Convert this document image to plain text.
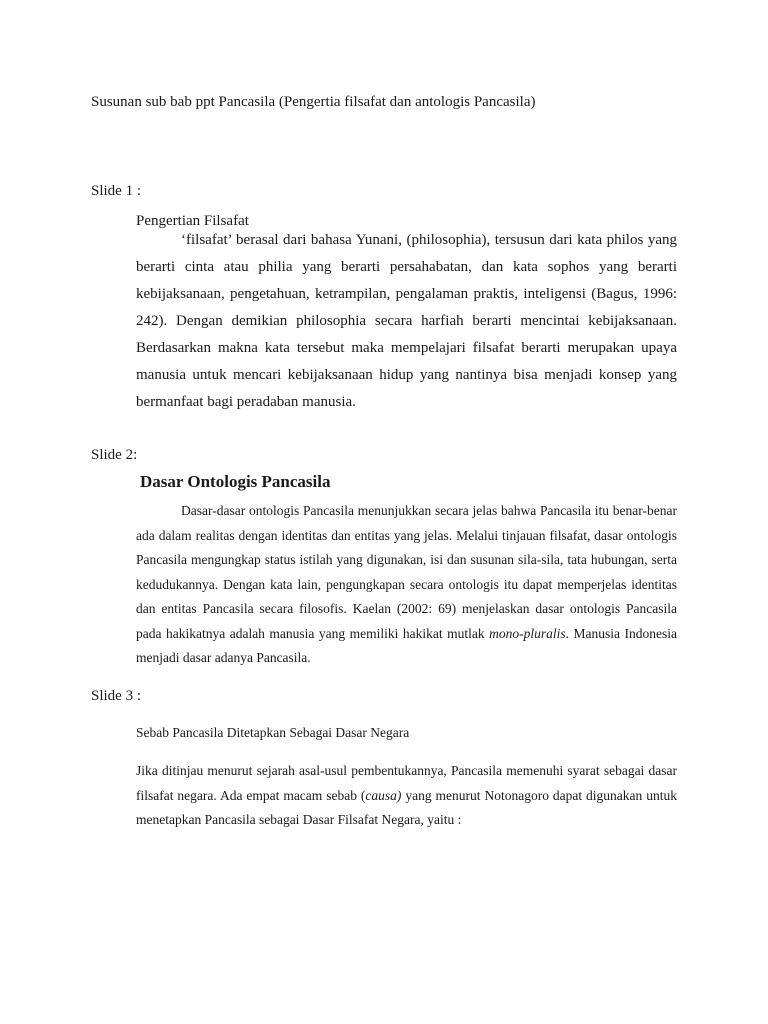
Susunan sub bab ppt Pancasila (Pengertia filsafat dan antologis Pancasila)
Slide 1 :
Pengertian Filsafat

‘filsafat’ berasal dari bahasa Yunani, (philosophia), tersusun dari kata philos yang berarti cinta atau philia yang berarti persahabatan, dan kata sophos yang berarti kebijaksanaan, pengetahuan, ketrampilan, pengalaman praktis, inteligensi (Bagus, 1996: 242). Dengan demikian philosophia secara harfiah berarti mencintai kebijaksanaan. Berdasarkan makna kata tersebut maka mempelajari filsafat berarti merupakan upaya manusia untuk mencari kebijaksanaan hidup yang nantinya bisa menjadi konsep yang bermanfaat bagi peradaban manusia.

Slide 2:
Dasar Ontologis Pancasila

Dasar-dasar ontologis Pancasila menunjukkan secara jelas bahwa Pancasila itu benar-benar ada dalam realitas dengan identitas dan entitas yang jelas. Melalui tinjauan filsafat, dasar ontologis Pancasila mengungkap status istilah yang digunakan, isi dan susunan sila-sila, tata hubungan, serta kedudukannya. Dengan kata lain, pengungkapan secara ontologis itu dapat memperjelas identitas dan entitas Pancasila secara filosofis. Kaelan (2002: 69) menjelaskan dasar ontologis Pancasila pada hakikatnya adalah manusia yang memiliki hakikat mutlak mono-pluralis. Manusia Indonesia menjadi dasar adanya Pancasila.

Slide 3 :
Sebab Pancasila Ditetapkan Sebagai Dasar Negara

Jika ditinjau menurut sejarah asal-usul pembentukannya, Pancasila memenuhi syarat sebagai dasar filsafat negara. Ada empat macam sebab (causa) yang menurut Notonagoro dapat digunakan untuk menetapkan Pancasila sebagai Dasar Filsafat Negara, yaitu :
